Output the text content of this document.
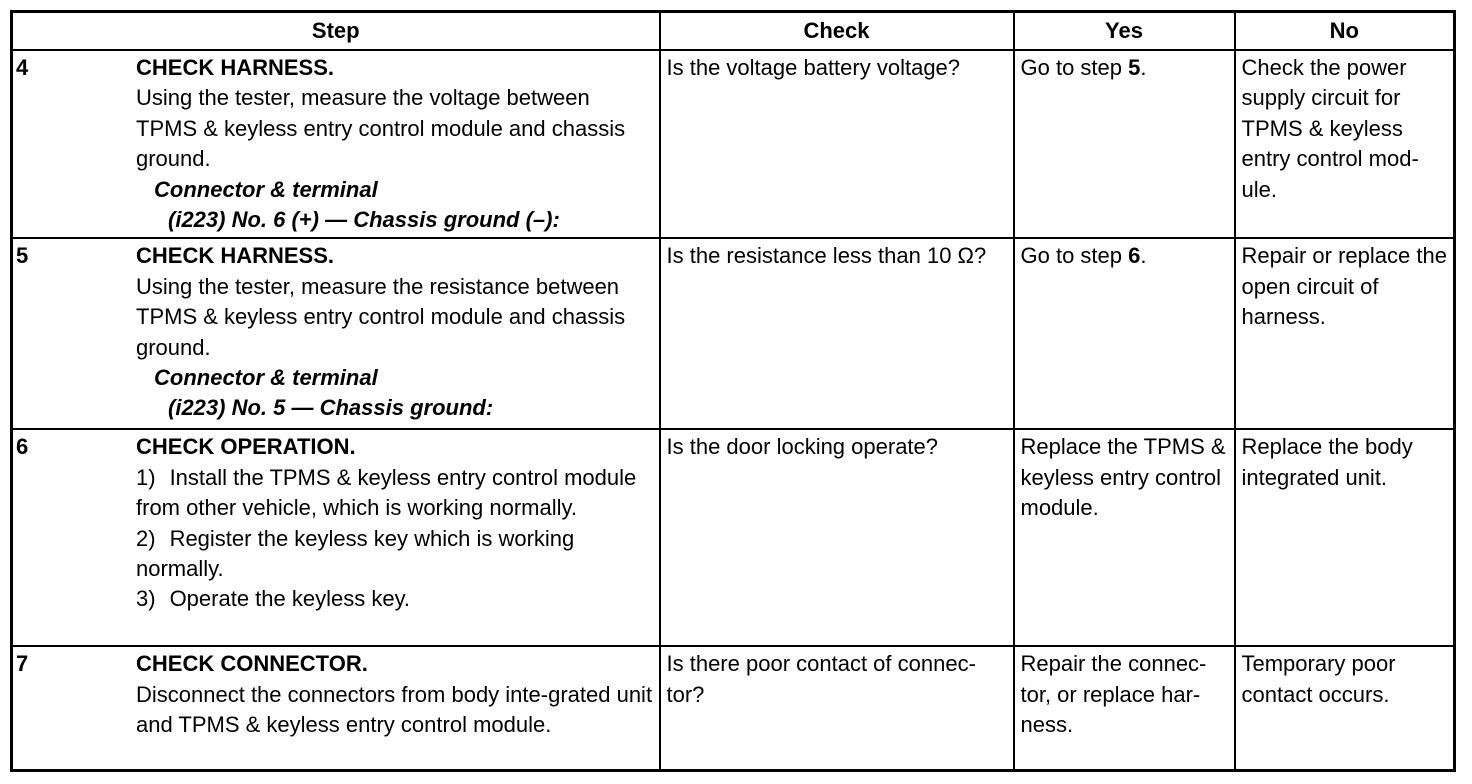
Step	Check	Yes	No

4 CHECK HARNESS.
Using the tester, measure the voltage between TPMS & keyless entry control module and chassis ground.
Connector & terminal
(i223) No. 6 (+) — Chassis ground (–):	Is the voltage battery voltage?	Go to step 5.	Check the power supply circuit for TPMS & keyless entry control mod-ule.

5 CHECK HARNESS.
Using the tester, measure the resistance between TPMS & keyless entry control module and chassis ground.
Connector & terminal
(i223) No. 5 — Chassis ground:	Is the resistance less than 10 Ω?	Go to step 6.	Repair or replace the open circuit of harness.

6 CHECK OPERATION.
1) Install the TPMS & keyless entry control module from other vehicle, which is working normally.
2) Register the keyless key which is working normally.
3) Operate the keyless key.	Is the door locking operate?	Replace the TPMS & keyless entry control module.	Replace the body integrated unit.

7 CHECK CONNECTOR.
Disconnect the connectors from body inte-grated unit and TPMS & keyless entry control module.	Is there poor contact of connec-tor?	Repair the connec-tor, or replace har-ness.	Temporary poor contact occurs.
